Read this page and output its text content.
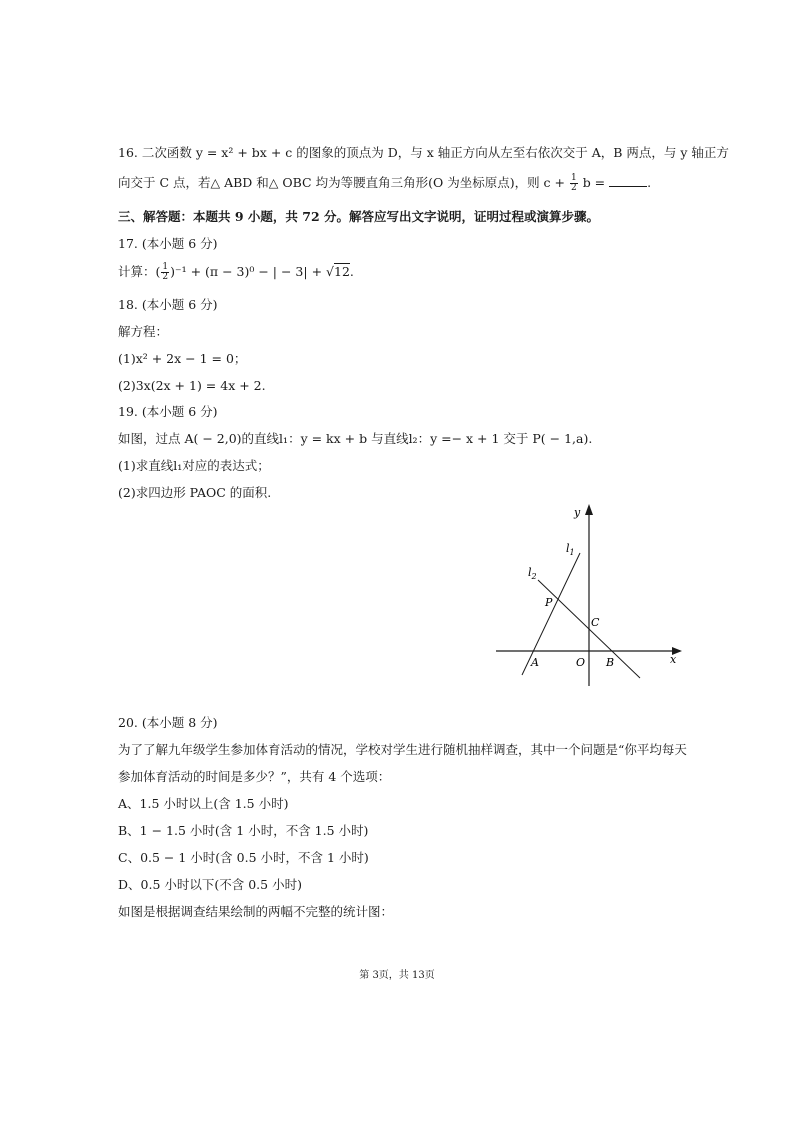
16. 二次函数 y = x² + bx + c 的图象的顶点为 D，与 x 轴正方向从左至右依次交于 A，B 两点，与 y 轴正方
向交于 C 点，若△ ABD 和△ OBC 均为等腰直角三角形(O 为坐标原点)，则 $c + \frac{1}{2}$ b =	.
三、解答题：本题共 9 小题，共 72 分。解答应写出文字说明，证明过程或演算步骤。
17. (本小题 6 分)
计算：( $\frac{1}{2} )^{-1} + (\pi - 3)^0$ − | − 3| + √12.
18. (本小题 6 分)
解方程：
(1)x² + 2x − 1 = 0；
(2)3x(2x + 1) = 4x + 2.
19. (本小题 6 分)
如图，过点 A( − 2,0)的直线l₁：y = kx + b 与直线l₂：y =− x + 1 交于 P( − 1,a).
(1)求直线l₁对应的表达式；
(2)求四边形 PAOC 的面积.
y
x
$l_1$
$l_2$
P
C
A	O B
20. (本小题 8 分)
为了了解九年级学生参加体育活动的情况，学校对学生进行随机抽样调查，其中一个问题是“你平均每天
参加体育活动的时间是多少？”，共有 4 个选项：
A、1.5 小时以上(含 1.5 小时)
B、1 − 1.5 小时(含 1 小时，不含 1.5 小时)
C、0.5 − 1 小时(含 0.5 小时，不含 1 小时)
D、0.5 小时以下(不含 0.5 小时)
如图是根据调查结果绘制的两幅不完整的统计图：
第 3页，共 13页
